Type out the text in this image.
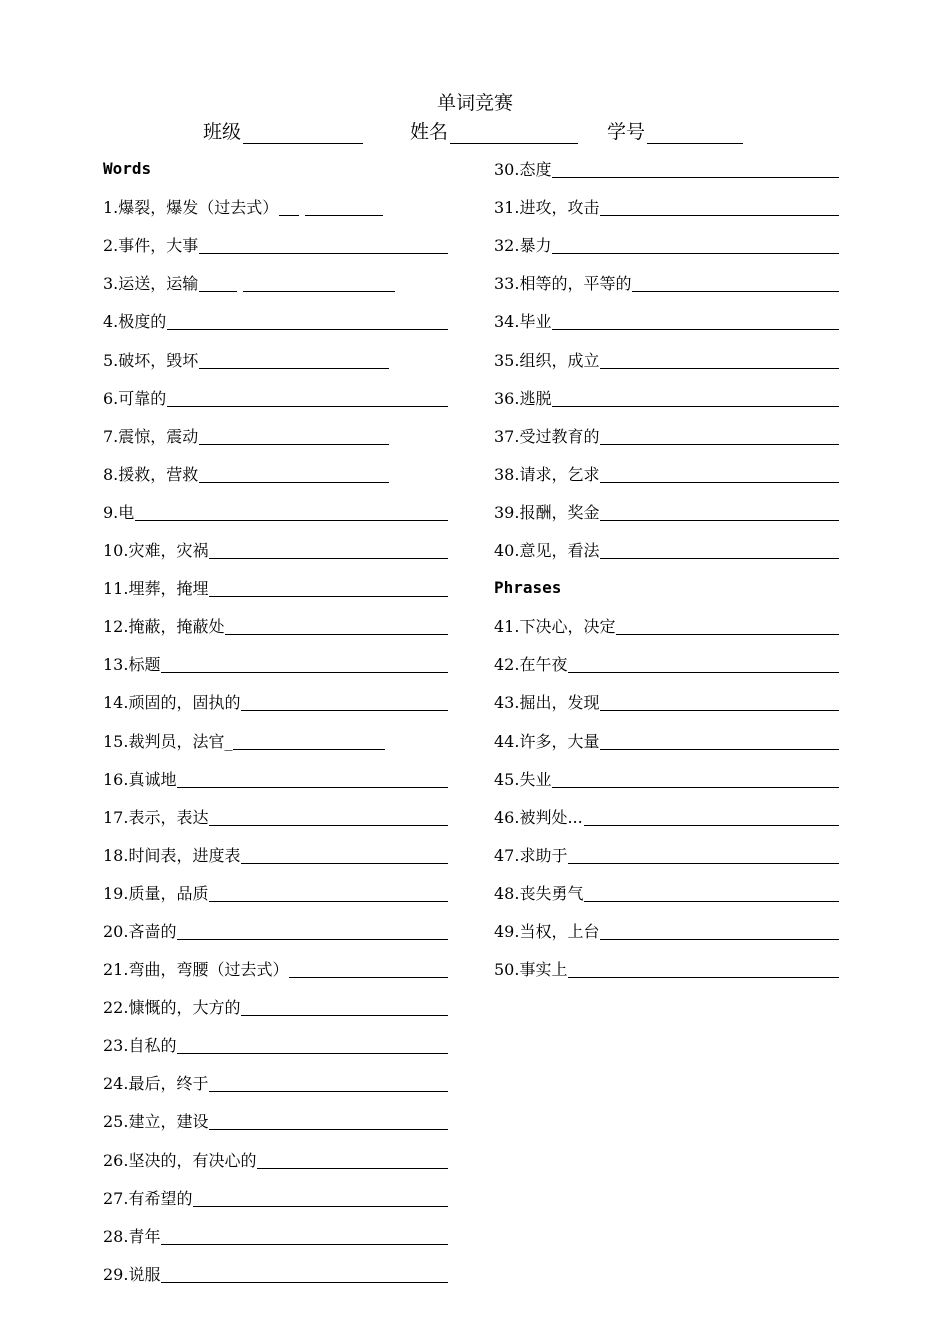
单词竞赛
班级	姓名	学号
Words
1. 爆裂，爆发（过去式）
2. 事件，大事
3. 运送，运输
4. 极度的
5. 破坏，毁坏
6. 可靠的
7. 震惊，震动
8. 援救，营救
9. 电
10. 灾难，灾祸
11. 埋葬，掩埋
12. 掩蔽，掩蔽处
13. 标题
14. 顽固的，固执的
15. 裁判员，法官_
16. 真诚地
17. 表示，表达
18. 时间表，进度表
19. 质量，品质
20. 吝啬的
21. 弯曲，弯腰（过去式）
22. 慷慨的，大方的
23. 自私的
24. 最后，终于
25. 建立，建设
26. 坚决的，有决心的
27. 有希望的
28. 青年
29. 说服
30. 态度
31. 进攻，攻击
32. 暴力
33. 相等的，平等的
34. 毕业
35. 组织，成立
36. 逃脱
37. 受过教育的
38. 请求，乞求
39. 报酬，奖金
40. 意见，看法
Phrases
41. 下决心，决定
42. 在午夜
43. 掘出，发现
44. 许多，大量
45. 失业
46. 被判处...
47. 求助于
48. 丧失勇气
49. 当权，上台
50. 事实上
